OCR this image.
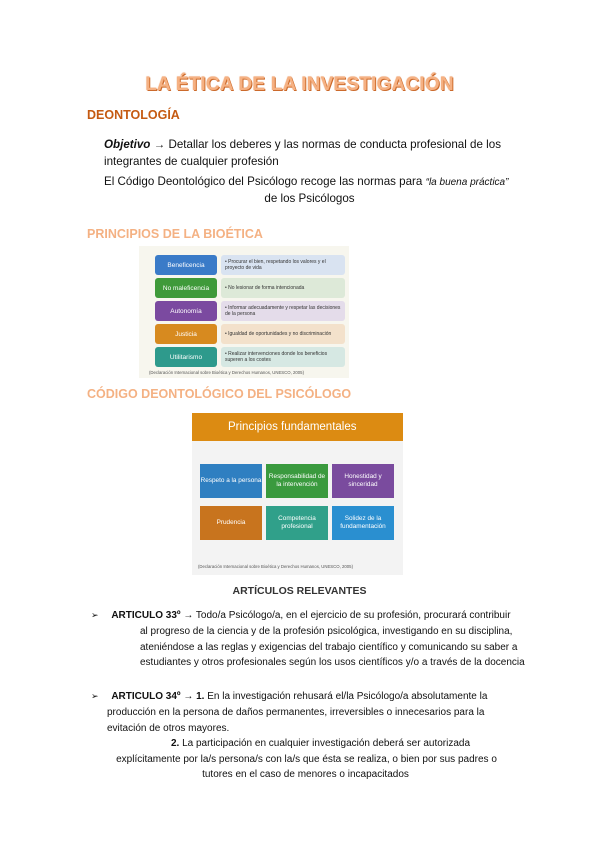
LA ÉTICA DE LA INVESTIGACIÓN
DEONTOLOGÍA
Objetivo → Detallar los deberes y las normas de conducta profesional de los
integrantes de cualquier profesión
El Código Deontológico del Psicólogo recoge las normas para “la buena práctica”
de los Psicólogos
PRINCIPIOS DE LA BIOÉTICA
Beneficencia	• Procurar el bien, respetando los valores y el proyecto de vida
No maleficencia	• No lesionar de forma intencionada
Autonomía	• Informar adecuadamente y respetar las decisiones de la persona
Justicia	• Igualdad de oportunidades y no discriminación
Utilitarismo	• Realizar intervenciones donde los beneficios superen a los costes
(Declaración Internacional sobre Bioética y Derechos Humanos, UNESCO, 2005)
CÓDIGO DEONTOLÓGICO DEL PSICÓLOGO
Principios fundamentales
Respeto a la persona
Responsabilidad de la intervención
Honestidad y sinceridad
Prudencia
Competencia profesional
Solidez de la fundamentación
(Declaración Internacional sobre Bioética y Derechos Humanos, UNESCO, 2005)
ARTÍCULOS RELEVANTES
➢ ARTICULO 33º → Todo/a Psicólogo/a, en el ejercicio de su profesión, procurará contribuir
al progreso de la ciencia y de la profesión psicológica, investigando en su disciplina,
ateniéndose a las reglas y exigencias del trabajo científico y comunicando su saber a
estudiantes y otros profesionales según los usos científicos y/o a través de la docencia
➢ ARTICULO 34º → 1. En la investigación rehusará el/la Psicólogo/a absolutamente la
producción en la persona de daños permanentes, irreversibles o innecesarios para la
evitación de otros mayores.
2. La participación en cualquier investigación deberá ser autorizada
explícitamente por la/s persona/s con la/s que ésta se realiza, o bien por sus padres o
tutores en el caso de menores o incapacitados
